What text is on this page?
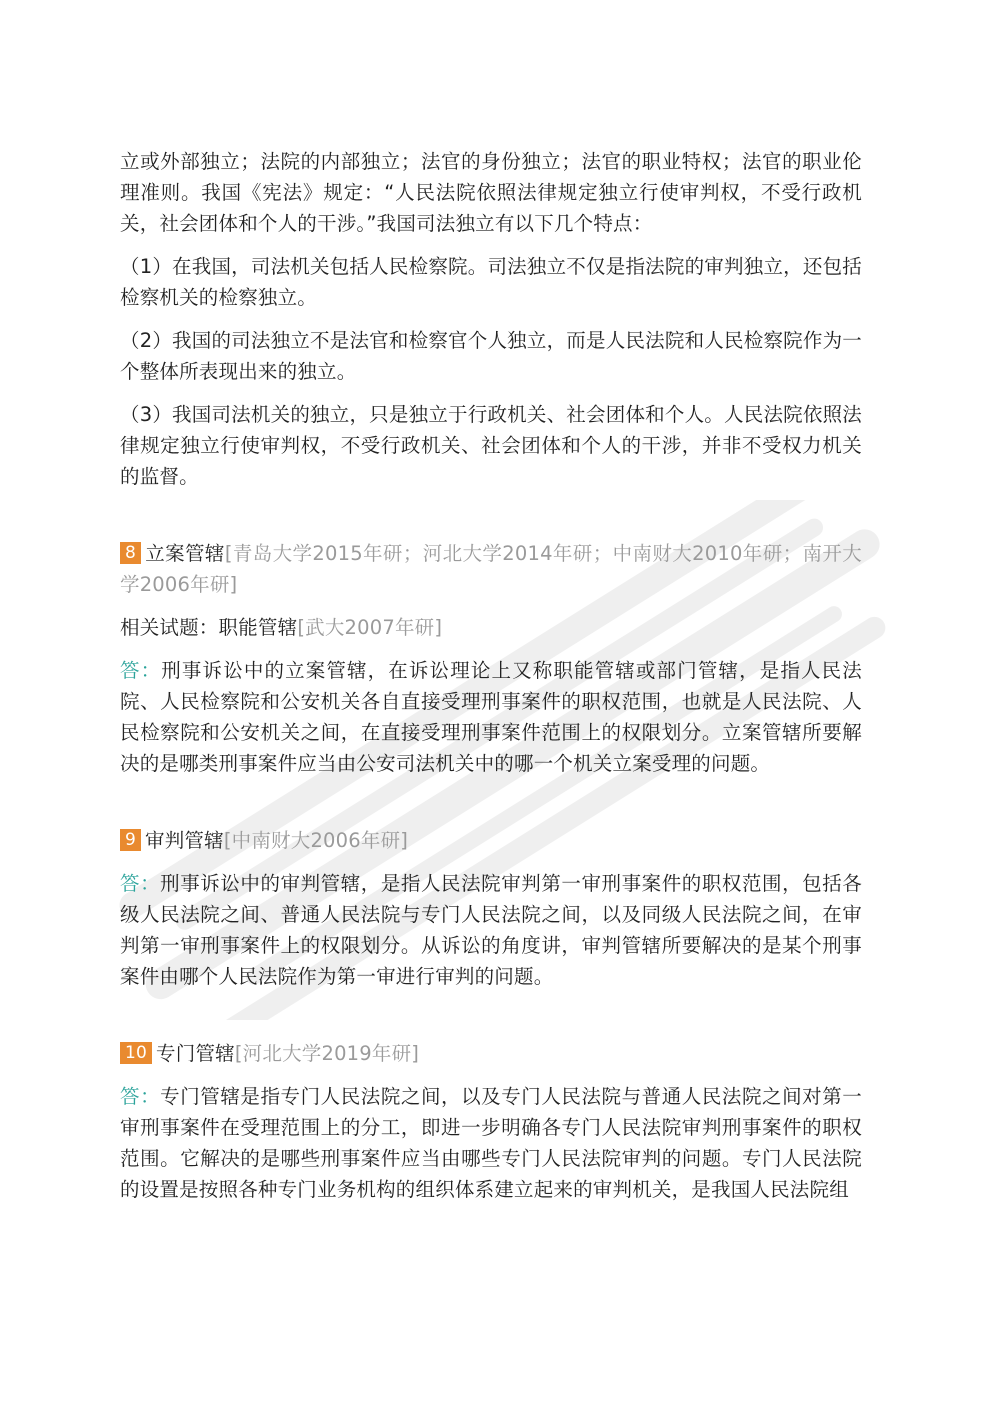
立或外部独立；法院的内部独立；法官的身份独立；法官的职业特权；法官的职业伦理准则。我国《宪法》规定：“人民法院依照法律规定独立行使审判权，不受行政机关，社会团体和个人的干涉。”我国司法独立有以下几个特点：

（1）在我国，司法机关包括人民检察院。司法独立不仅是指法院的审判独立，还包括检察机关的检察独立。

（2）我国的司法独立不是法官和检察官个人独立，而是人民法院和人民检察院作为一个整体所表现出来的独立。

（3）我国司法机关的独立，只是独立于行政机关、社会团体和个人。人民法院依照法律规定独立行使审判权，不受行政机关、社会团体和个人的干涉，并非不受权力机关的监督。

8 立案管辖[青岛大学2015年研；河北大学2014年研；中南财大2010年研；南开大学2006年研]

相关试题：职能管辖[武大2007年研]

答：刑事诉讼中的立案管辖，在诉讼理论上又称职能管辖或部门管辖，是指人民法院、人民检察院和公安机关各自直接受理刑事案件的职权范围，也就是人民法院、人民检察院和公安机关之间，在直接受理刑事案件范围上的权限划分。立案管辖所要解决的是哪类刑事案件应当由公安司法机关中的哪一个机关立案受理的问题。

9 审判管辖[中南财大2006年研]

答：刑事诉讼中的审判管辖，是指人民法院审判第一审刑事案件的职权范围，包括各级人民法院之间、普通人民法院与专门人民法院之间，以及同级人民法院之间，在审判第一审刑事案件上的权限划分。从诉讼的角度讲，审判管辖所要解决的是某个刑事案件由哪个人民法院作为第一审进行审判的问题。

10 专门管辖[河北大学2019年研]

答：专门管辖是指专门人民法院之间，以及专门人民法院与普通人民法院之间对第一审刑事案件在受理范围上的分工，即进一步明确各专门人民法院审判刑事案件的职权范围。它解决的是哪些刑事案件应当由哪些专门人民法院审判的问题。专门人民法院的设置是按照各种专门业务机构的组织体系建立起来的审判机关，是我国人民法院组
